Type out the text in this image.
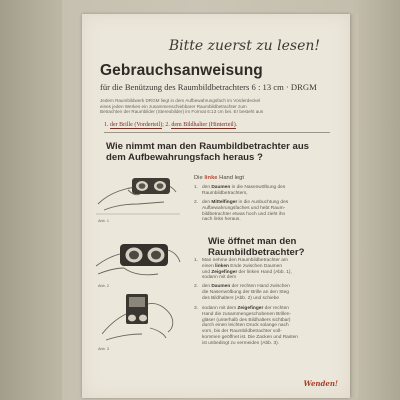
Bitte zuerst zu lesen!
Gebrauchsanweisung
für die Benützung des Raumbildbetrachters 6 : 13 cm · DRGM
Jedem Raumbildwerk DRGM liegt in dem Aufbewahrungsfach im Vorderdeckel
eines jeden Werkes ein zusammenschiebbarer Raumbildbetrachter zum
Betrachten der Raumbilder (Stereobilder) im Format 6:13 cm bei. Er besteht aus
1. der Brille (Vorderteil); 2. dem Bildhalter (Hinterteil).
Wie nimmt man den Raumbildbetrachter aus
dem Aufbewahrungsfach heraus ?
Abb. 1
Die linke Hand legt
1. den Daumen in die Nasenwölbung des
Raumbildbetrachters,
2. den Mittelfinger in die Ausbuchtung des
Aufbewahrungsfaches und hebt Raum-
bildbetrachter etwas hoch und zieht ihn
nach links heraus.
Wie öffnet man den
Raumbildbetrachter?
Abb. 2
1. Man nehme den Raumbildbetrachter am
einen linken Ende zwischen Daumen
und Zeigefinger der linken Hand (Abb. 1),
sodann mit dem
2. den Daumen der rechten Hand zwischen
die Nasenwölbung der Brille an den Steg
des Bildhalters (Abb. 2) und schiebe
Abb. 3
3. sodann mit dem Zeigefinger der rechten
Hand die zusammengeschobenen Brillen-
gläser (unterhalb des Bildhalters sichtbar)
durch einen leichten Druck solange nach
vorn, bis der Raumbildbetrachter voll-
kommen geöffnet ist. Die Zacken und Rasten
ist unbedingt zu vermeiden (Abb. 3).
Wenden!
